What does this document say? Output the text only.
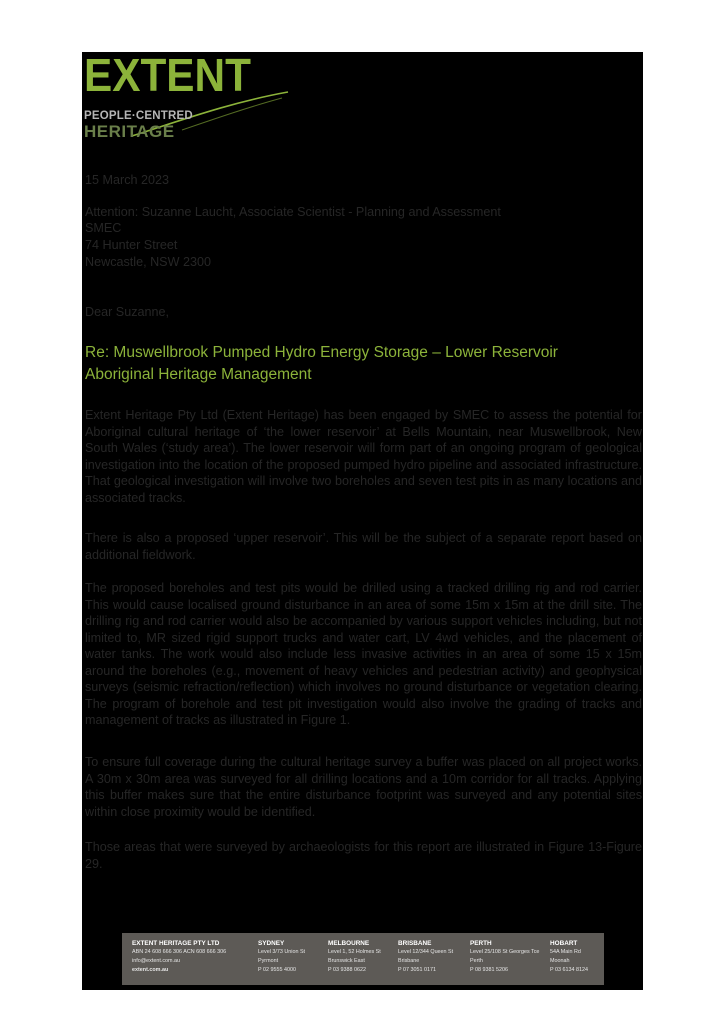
EXTENT
PEOPLE·CENTRED
HERITAGE
15 March 2023
Attention: Suzanne Laucht, Associate Scientist - Planning and Assessment
SMEC
74 Hunter Street
Newcastle, NSW 2300
Dear Suzanne,
Re: Muswellbrook Pumped Hydro Energy Storage – Lower Reservoir
Aboriginal Heritage Management
Extent Heritage Pty Ltd (Extent Heritage) has been engaged by SMEC to assess the potential for Aboriginal cultural heritage of ‘the lower reservoir’ at Bells Mountain, near Muswellbrook, New South Wales (‘study area’). The lower reservoir will form part of an ongoing program of geological investigation into the location of the proposed pumped hydro pipeline and associated infrastructure. That geological investigation will involve two boreholes and seven test pits in as many locations and associated tracks.
There is also a proposed ‘upper reservoir’. This will be the subject of a separate report based on additional fieldwork.
The proposed boreholes and test pits would be drilled using a tracked drilling rig and rod carrier. This would cause localised ground disturbance in an area of some 15m x 15m at the drill site. The drilling rig and rod carrier would also be accompanied by various support vehicles including, but not limited to, MR sized rigid support trucks and water cart, LV 4wd vehicles, and the placement of water tanks. The work would also include less invasive activities in an area of some 15 x 15m around the boreholes (e.g., movement of heavy vehicles and pedestrian activity) and geophysical surveys (seismic refraction/reflection) which involves no ground disturbance or vegetation clearing. The program of borehole and test pit investigation would also involve the grading of tracks and management of tracks as illustrated in Figure 1.
To ensure full coverage during the cultural heritage survey a buffer was placed on all project works. A 30m x 30m area was surveyed for all drilling locations and a 10m corridor for all tracks. Applying this buffer makes sure that the entire disturbance footprint was surveyed and any potential sites within close proximity would be identified.
Those areas that were surveyed by archaeologists for this report are illustrated in Figure 13-Figure 29.
EXTENT HERITAGE PTY LTD
ABN 24 608 666 306 ACN 608 666 306
info@extent.com.au
extent.com.au
SYDNEY
Level 3/73 Union St
Pyrmont
P 02 9555 4000
MELBOURNE
Level 1, 52 Holmes St
Brunswick East
P 03 9388 0622
BRISBANE
Level 12/344 Queen St
Brisbane
P 07 3051 0171
PERTH
Level 25/108 St Georges Tce
Perth
P 08 9381 5206
HOBART
54A Main Rd
Moonah
P 03 6134 8124
